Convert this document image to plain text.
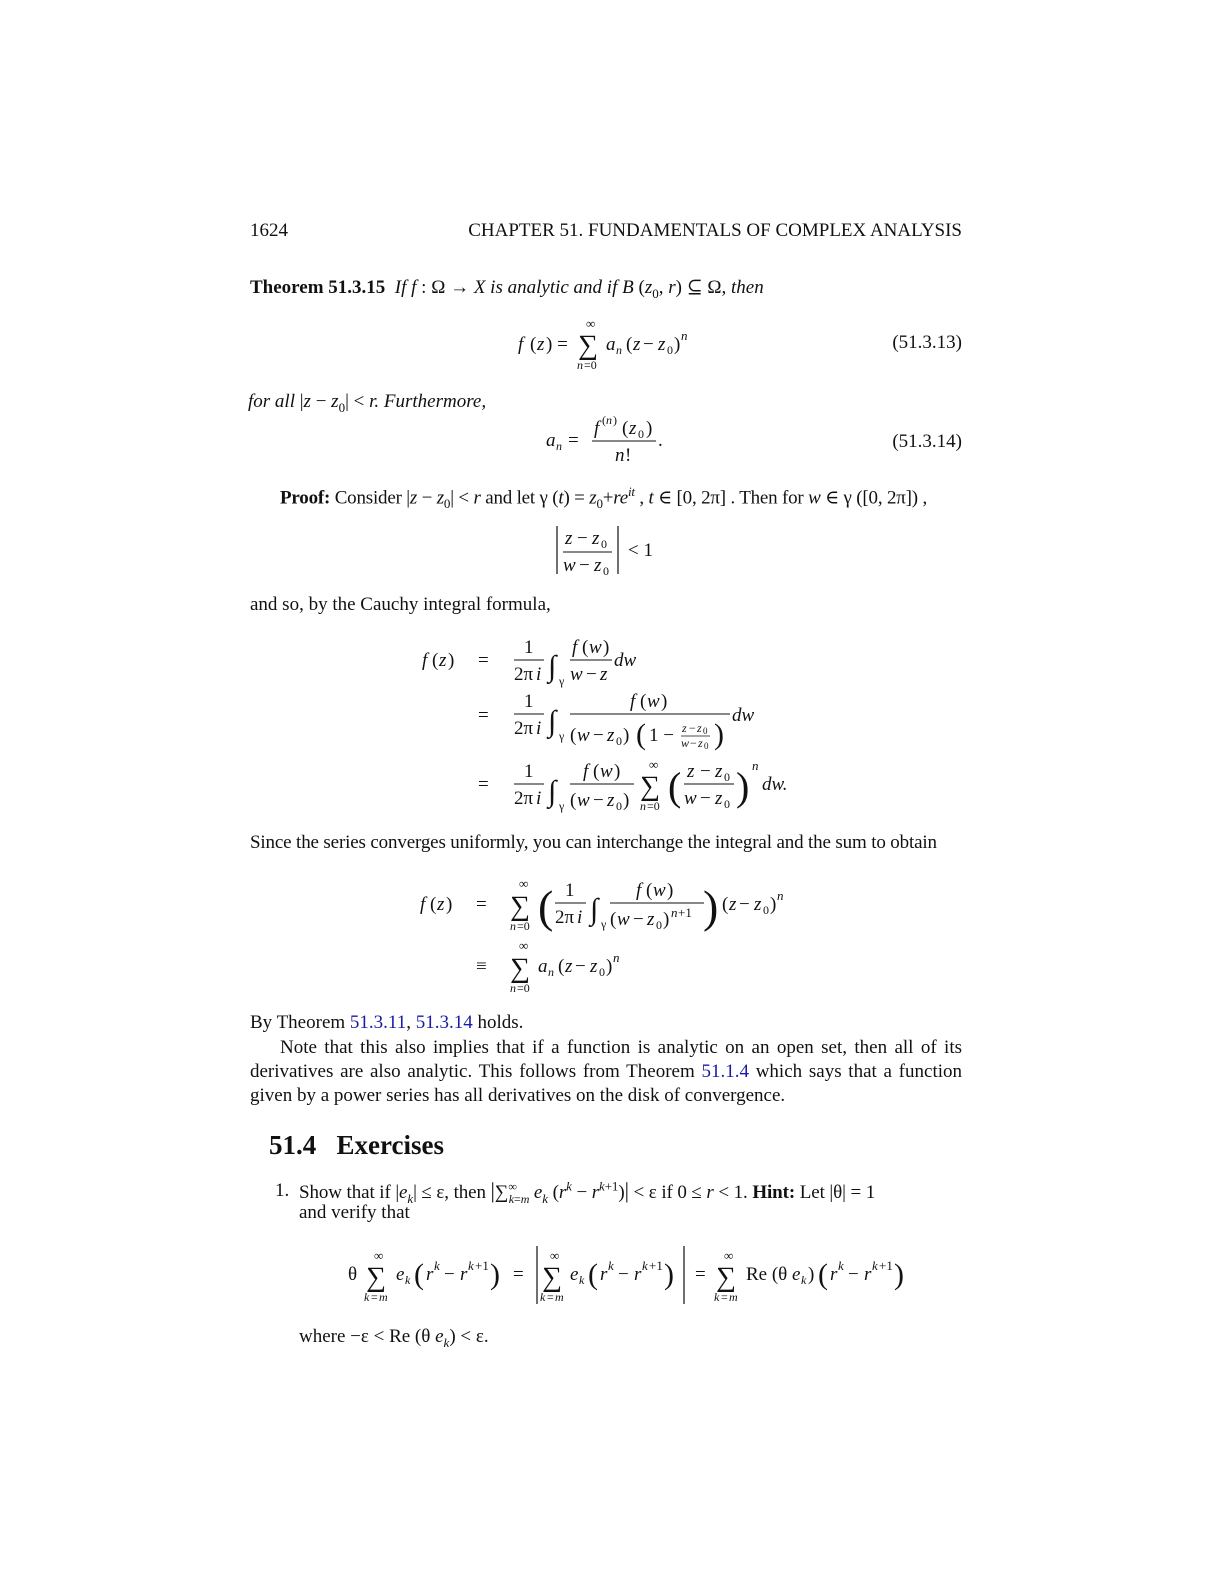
1624	CHAPTER 51. FUNDAMENTALS OF COMPLEX ANALYSIS
Theorem 51.3.15 If f : Ω → X is analytic and if B ($z_0$, r) ⊆ Ω, then
f ( z ) =
∞
∑
n =0
a n ( z − z 0 ) n	(51.3.13)
for all $|z - z_0| < r$. Furthermore,
a n =
f ( n ) ( z 0 )
n !
.	(51.3.14)
Proof: Consider $|z - z_0| < r$ and let γ $(t) = z_0+re^{it}$ , t ∈ [0, 2π] . Then for w ∈ γ ([0, 2π]) ,
z − z 0
w − z 0
< 1
and so, by the Cauchy integral formula,
f ( z ) =
1
2π i ∫ γ
f ( w )
w − z
dw
=
1
2π i ∫ γ
f ( w )
( w − z 0 ) ( 1 − z − z 0
w − z 0 )
dw
=
1
2π i ∫ γ
f ( w )
( w − z 0 )
∞
∑
n =0 ( z − z 0
w − z 0 ) n
dw.
Since the series converges uniformly, you can interchange the integral and the sum to obtain
f ( z ) =
∞
∑
n =0 ( 1
2π i ∫ γ
f ( w )
( w − z 0 ) n +1 ) ( z − z 0 ) n
≡
∞
∑
n =0
a n ( z − z 0 ) n
By Theorem 51.3.11, 51.3.14 holds.
Note that this also implies that if a function is analytic on an open set, then all of its derivatives are also analytic. This follows from Theorem 51.1.4 which says that a function given by a power series has all derivatives on the disk of convergence.
51.4 Exercises
1. Show that if $|e_k| \le \varepsilon$, then $|\sum^\infty_{k=m}$ $e_k$ $(r^k - r^{k+1})| < \varepsilon$ if 0 ≤ r < 1. Hint: Let |θ| = 1
and verify that
θ
∞
∑
k = m
e k ( r k − r k +1 ) =
∞
∑
k = m
e k ( r k − r k +1 ) =
∞
∑
k = m
Re (θ e k ) ( r k − r k +1 )
where −ε < Re (θ $e_k) < \varepsilon$.
